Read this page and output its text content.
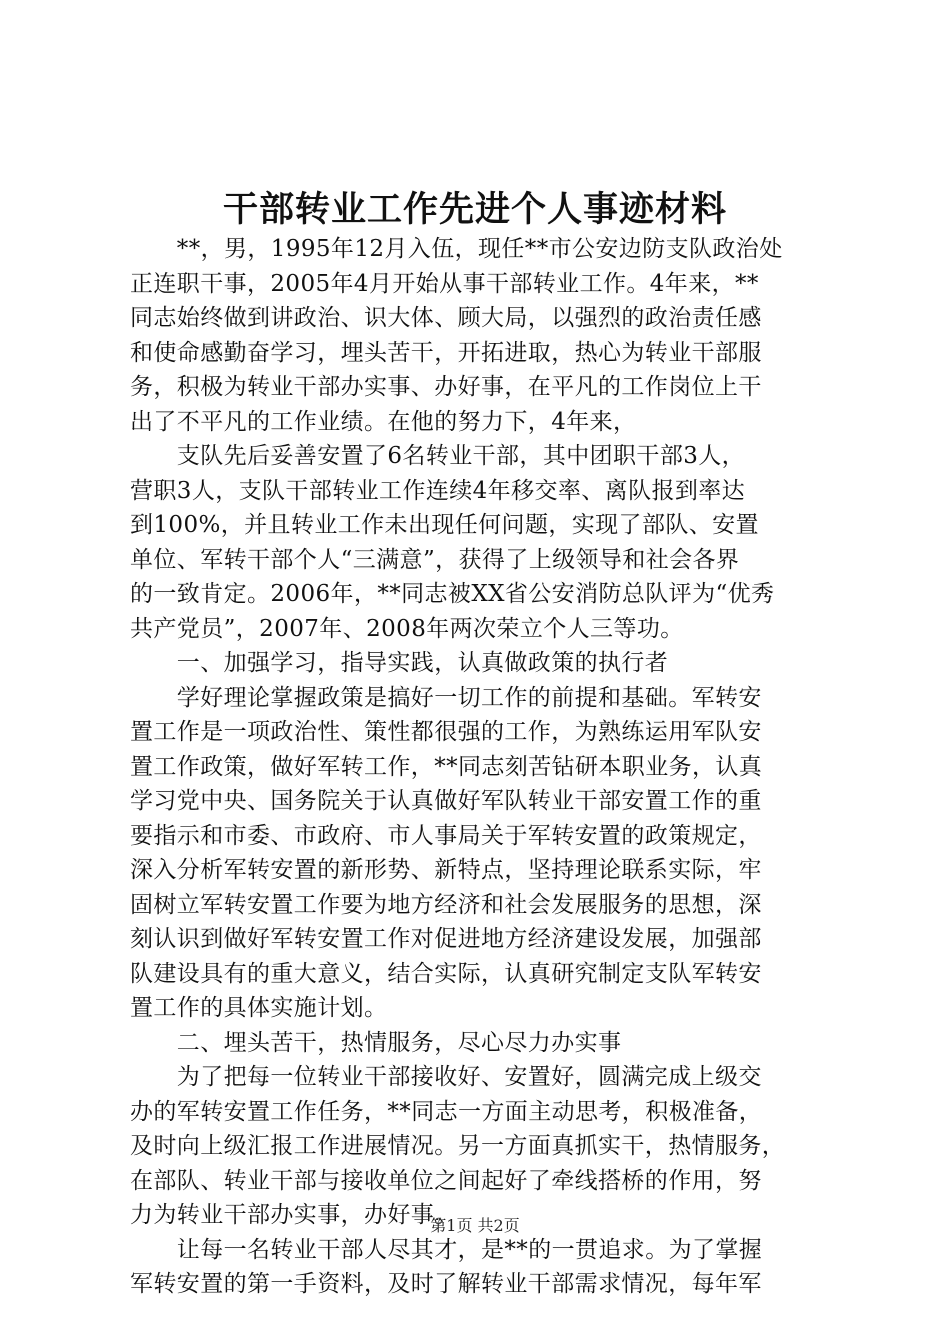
干部转业工作先进个人事迹材料
　　**，男，1995年12月入伍，现任**市公安边防支队政治处
正连职干事，2005年4月开始从事干部转业工作。4年来，**
同志始终做到讲政治、识大体、顾大局，以强烈的政治责任感
和使命感勤奋学习，埋头苦干，开拓进取，热心为转业干部服
务，积极为转业干部办实事、办好事，在平凡的工作岗位上干
出了不平凡的工作业绩。在他的努力下，4年来，
　　支队先后妥善安置了6名转业干部，其中团职干部3人，
营职3人，支队干部转业工作连续4年移交率、离队报到率达
到100%，并且转业工作未出现任何问题，实现了部队、安置
单位、军转干部个人“三满意”，获得了上级领导和社会各界
的一致肯定。2006年，**同志被XX省公安消防总队评为“优秀
共产党员”，2007年、2008年两次荣立个人三等功。
　　一、加强学习，指导实践，认真做政策的执行者
　　学好理论掌握政策是搞好一切工作的前提和基础。军转安
置工作是一项政治性、策性都很强的工作，为熟练运用军队安
置工作政策，做好军转工作，**同志刻苦钻研本职业务，认真
学习党中央、国务院关于认真做好军队转业干部安置工作的重
要指示和市委、市政府、市人事局关于军转安置的政策规定，
深入分析军转安置的新形势、新特点，坚持理论联系实际，牢
固树立军转安置工作要为地方经济和社会发展服务的思想，深
刻认识到做好军转安置工作对促进地方经济建设发展，加强部
队建设具有的重大意义，结合实际，认真研究制定支队军转安
置工作的具体实施计划。
　　二、埋头苦干，热情服务，尽心尽力办实事
　　为了把每一位转业干部接收好、安置好，圆满完成上级交
办的军转安置工作任务，**同志一方面主动思考，积极准备，
及时向上级汇报工作进展情况。另一方面真抓实干，热情服务，
在部队、转业干部与接收单位之间起好了牵线搭桥的作用，努
力为转业干部办实事，办好事。
　　让每一名转业干部人尽其才，是**的一贯追求。为了掌握
军转安置的第一手资料，及时了解转业干部需求情况，每年军
第1页 共2页
